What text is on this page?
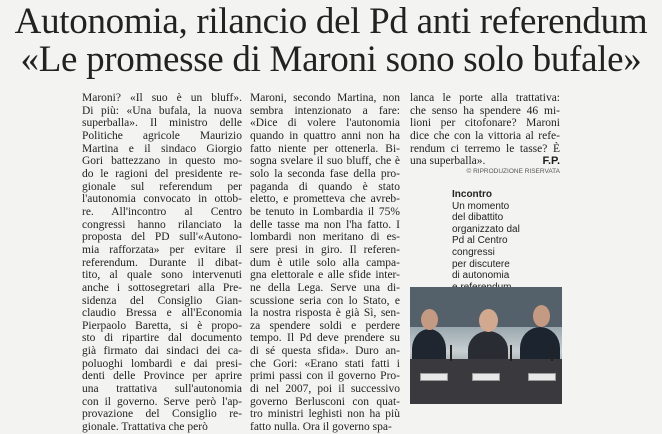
Autonomia, rilancio del Pd anti referendum
«Le promesse di Maroni sono solo bufale»
Maroni? «Il suo è un bluff».
Di più: «Una bufala, la nuova
superballa». Il ministro delle
Politiche agricole Maurizio
Martina e il sindaco Giorgio
Gori battezzano in questo mo-
do le ragioni del presidente re-
gionale sul referendum per
l'autonomia convocato in ottob-
re. All'incontro al Centro
congressi hanno rilanciato la
proposta del PD sull'«Autono-
mia rafforzata» per evitare il
referendum. Durante il dibat-
tito, al quale sono intervenuti
anche i sottosegretari alla Pre-
sidenza del Consiglio Gian-
claudio Bressa e all'Economia
Pierpaolo Baretta, si è propo-
sto di ripartire dal documento
già firmato dai sindaci dei ca-
poluoghi lombardi e dai presi-
denti delle Province per aprire
una trattativa sull'autonomia
con il governo. Serve però l'ap-
provazione del Consiglio re-
gionale. Trattativa che però
Maroni, secondo Martina, non
sembra intenzionato a fare:
«Dice di volere l'autonomia
quando in quattro anni non ha
fatto niente per ottenerla. Bi-
sogna svelare il suo bluff, che è
solo la seconda fase della pro-
paganda di quando è stato
eletto, e prometteva che avreb-
be tenuto in Lombardia il 75%
delle tasse ma non l'ha fatto. I
lombardi non meritano di es-
sere presi in giro. Il referen-
dum è utile solo alla campa-
gna elettorale e alle sfide inter-
ne della Lega. Serve una di-
scussione seria con lo Stato, e
la nostra risposta è già Sì, sen-
za spendere soldi e perdere
tempo. Il Pd deve prendere su
di sé questa sfida». Duro an-
che Gori: «Erano stati fatti i
primi passi con il governo Pro-
di nel 2007, poi il successivo
governo Berlusconi con quat-
tro ministri leghisti non ha più
fatto nulla. Ora il governo spa-
lanca le porte alla trattativa:
che senso ha spendere 46 mi-
lioni per citofonare? Maroni
dice che con la vittoria al refe-
rendum ci terremo le tasse? È
una superballa».	F.P.
© RIPRODUZIONE RISERVATA
Incontro
Un momento
del dibattito
organizzato dal
Pd al Centro
congressi
per discutere
di autonomia
